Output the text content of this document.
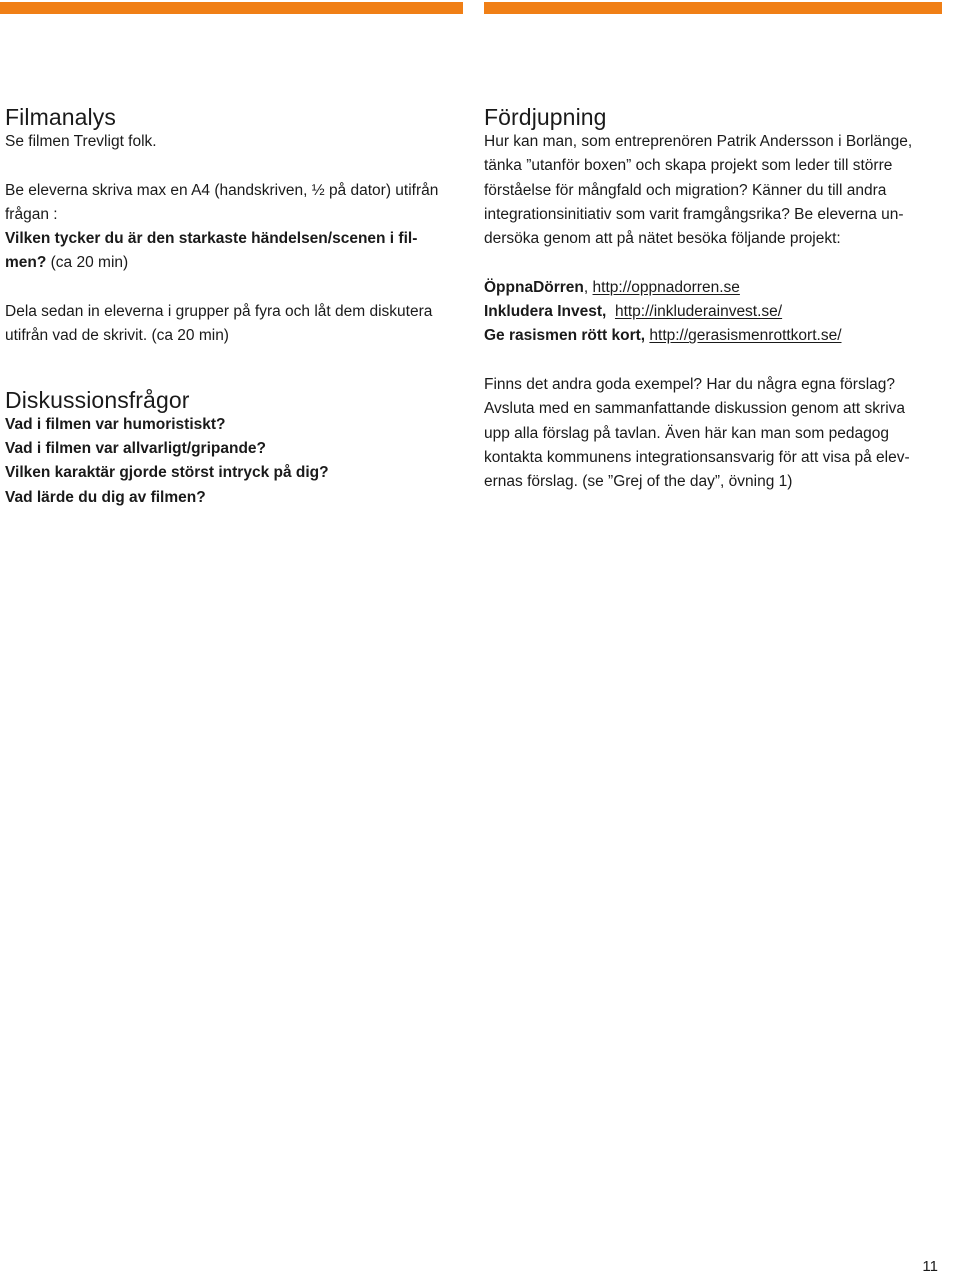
Filmanalys

Se filmen Trevligt folk.

Be eleverna skriva max en A4 (handskriven, ½ på dator) utifrån

frågan :

Vilken tycker du är den starkaste händelsen/scenen i fil-

men? (ca 20 min)

Dela sedan in eleverna i grupper på fyra och låt dem diskutera

utifrån vad de skrivit. (ca 20 min)

Diskussionsfrågor

Vad i filmen var humoristiskt?

Vad i filmen var allvarligt/gripande?

Vilken karaktär gjorde störst intryck på dig?

Vad lärde du dig av filmen?

Fördjupning

Hur kan man, som entreprenören Patrik Andersson i Borlänge,

tänka ”utanför boxen” och skapa projekt som leder till större

förståelse för mångfald och migration? Känner du till andra

integrationsinitiativ som varit framgångsrika? Be eleverna un-

dersöka genom att på nätet besöka följande projekt:

ÖppnaDörren, http://oppnadorren.se

Inkludera Invest, http://inkluderainvest.se/

Ge rasismen rött kort, http://gerasismenrottkort.se/

Finns det andra goda exempel? Har du några egna förslag?

Avsluta med en sammanfattande diskussion genom att skriva

upp alla förslag på tavlan. Även här kan man som pedagog

kontakta kommunens integrationsansvarig för att visa på elev-

ernas förslag. (se ”Grej of the day”, övning 1)

11
